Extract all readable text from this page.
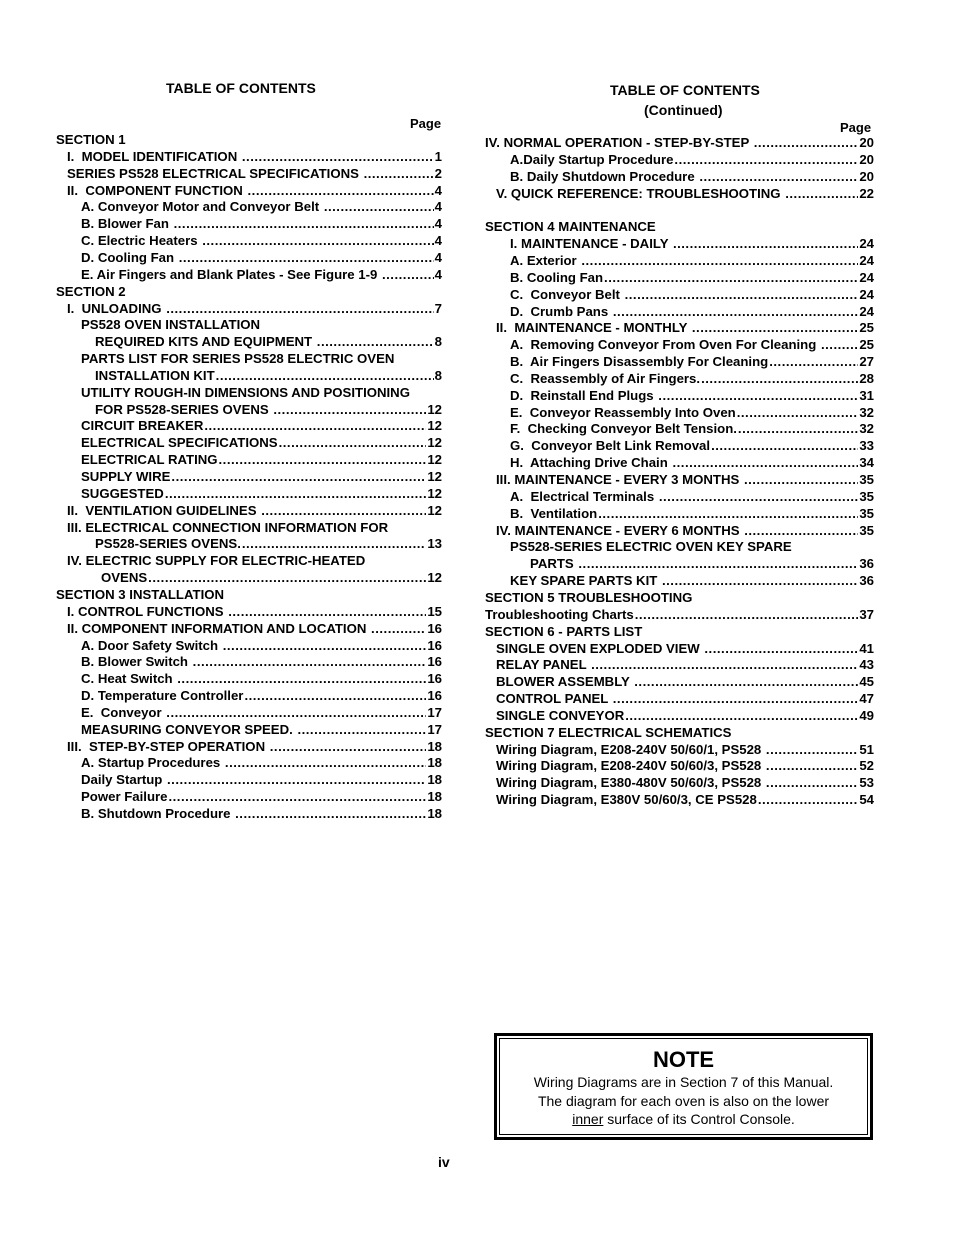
TABLE OF CONTENTS
Page
SECTION 1
I.  MODEL IDENTIFICATION .....	1
SERIES PS528 ELECTRICAL SPECIFICATIONS .....	2
II.  COMPONENT FUNCTION .....	4
A. Conveyor Motor and Conveyor Belt .....	4
B. Blower Fan .....	4
C. Electric Heaters .....	4
D. Cooling Fan .....	4
E. Air Fingers and Blank Plates - See Figure 1-9 .....	4
SECTION 2
I.  UNLOADING .....	7
PS528 OVEN INSTALLATION
REQUIRED KITS AND EQUIPMENT .....	8
PARTS LIST FOR SERIES PS528 ELECTRIC OVEN
INSTALLATION KIT .....	8
UTILITY ROUGH-IN DIMENSIONS AND POSITIONING
FOR PS528-SERIES OVENS .....	12
CIRCUIT BREAKER .....	12
ELECTRICAL SPECIFICATIONS .....	12
ELECTRICAL RATING .....	12
SUPPLY WIRE .....	12
SUGGESTED .....	12
II.  VENTILATION GUIDELINES .....	12
III. ELECTRICAL CONNECTION INFORMATION FOR
PS528-SERIES OVENS. .....	13
IV. ELECTRIC SUPPLY FOR ELECTRIC-HEATED
OVENS .....	12
SECTION 3 INSTALLATION
I. CONTROL FUNCTIONS .....	15
II. COMPONENT INFORMATION AND LOCATION .....	16
A. Door Safety Switch .....	16
B. Blower Switch .....	16
C. Heat Switch .....	16
D. Temperature Controller .....	16
E.  Conveyor .....	17
MEASURING CONVEYOR SPEED. .....	17
III.  STEP-BY-STEP OPERATION .....	18
A. Startup Procedures .....	18
Daily Startup .....	18
Power Failure .....	18
B. Shutdown Procedure .....	18
TABLE OF CONTENTS
(Continued)
Page
IV. NORMAL OPERATION - STEP-BY-STEP .....	20
A.Daily Startup Procedure .....	20
B. Daily Shutdown Procedure .....	20
V. QUICK REFERENCE: TROUBLESHOOTING .....	22
SECTION 4 MAINTENANCE
I. MAINTENANCE - DAILY .....	24
A. Exterior .....	24
B. Cooling Fan .....	24
C.  Conveyor Belt .....	24
D.  Crumb Pans .....	24
II.  MAINTENANCE - MONTHLY .....	25
A.  Removing Conveyor From Oven For Cleaning .....	25
B.  Air Fingers Disassembly For Cleaning .....	27
C.  Reassembly of Air Fingers. .....	28
D.  Reinstall End Plugs .....	31
E.  Conveyor Reassembly Into Oven .....	32
F.  Checking Conveyor Belt Tension. .....	32
G.  Conveyor Belt Link Removal .....	33
H.  Attaching Drive Chain .....	34
III. MAINTENANCE - EVERY 3 MONTHS .....	35
A.  Electrical Terminals .....	35
B.  Ventilation .....	35
IV. MAINTENANCE - EVERY 6 MONTHS .....	35
PS528-SERIES ELECTRIC OVEN KEY SPARE
PARTS .....	36
KEY SPARE PARTS KIT .....	36
SECTION 5 TROUBLESHOOTING
Troubleshooting Charts .....	37
SECTION 6 - PARTS LIST
SINGLE OVEN EXPLODED VIEW .....	41
RELAY PANEL .....	43
BLOWER ASSEMBLY .....	45
CONTROL PANEL .....	47
SINGLE CONVEYOR .....	49
SECTION 7 ELECTRICAL SCHEMATICS
Wiring Diagram, E208-240V 50/60/1, PS528 .....	51
Wiring Diagram, E208-240V 50/60/3, PS528 .....	52
Wiring Diagram, E380-480V 50/60/3, PS528 .....	53
Wiring Diagram, E380V 50/60/3, CE PS528 .....	54
NOTE
Wiring Diagrams are in Section 7 of this Manual.
The diagram for each oven is also on the lower
inner surface of its Control Console.
iv
